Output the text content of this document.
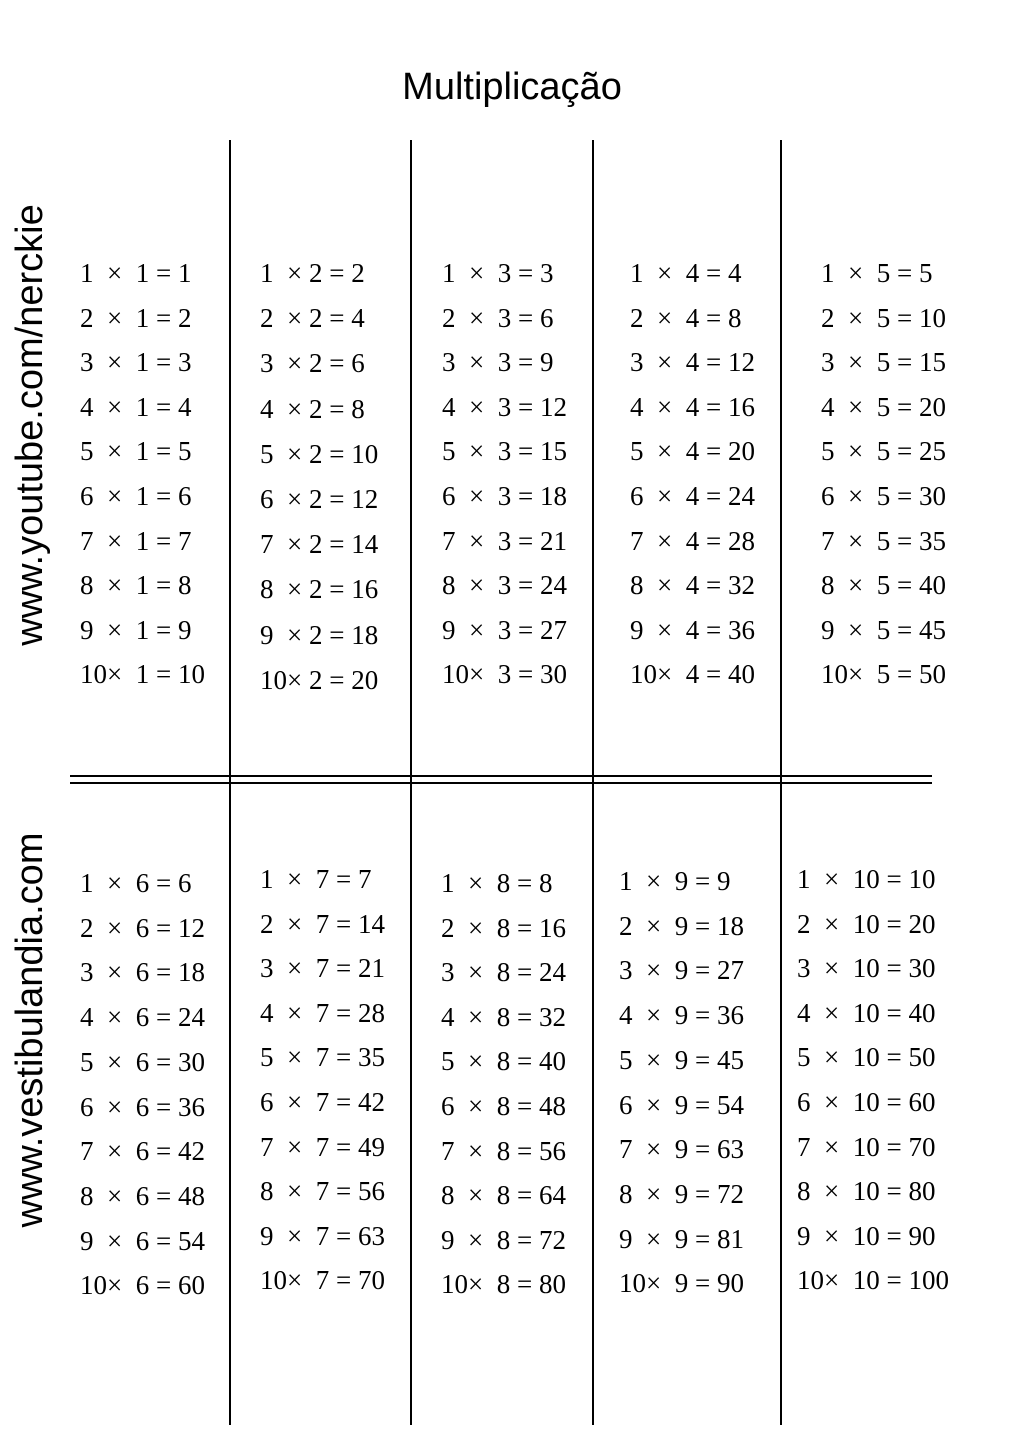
Multiplicação
www.youtube.com/nerckie
www.vestibulandia.com

1  ×  1 = 1

2  ×  1 = 2

3  ×  1 = 3

4  ×  1 = 4

5  ×  1 = 5

6  ×  1 = 6

7  ×  1 = 7

8  ×  1 = 8

9  ×  1 = 9

10×  1 = 10

1  × 2 = 2

2  × 2 = 4

3  × 2 = 6

4  × 2 = 8

5  × 2 = 10

6  × 2 = 12

7  × 2 = 14

8  × 2 = 16

9  × 2 = 18

10× 2 = 20

1  ×  3 = 3

2  ×  3 = 6

3  ×  3 = 9

4  ×  3 = 12

5  ×  3 = 15

6  ×  3 = 18

7  ×  3 = 21

8  ×  3 = 24

9  ×  3 = 27

10×  3 = 30

1  ×  4 = 4

2  ×  4 = 8

3  ×  4 = 12

4  ×  4 = 16

5  ×  4 = 20

6  ×  4 = 24

7  ×  4 = 28

8  ×  4 = 32

9  ×  4 = 36

10×  4 = 40

1  ×  5 = 5

2  ×  5 = 10

3  ×  5 = 15

4  ×  5 = 20

5  ×  5 = 25

6  ×  5 = 30

7  ×  5 = 35

8  ×  5 = 40

9  ×  5 = 45

10×  5 = 50

1  ×  6 = 6

2  ×  6 = 12

3  ×  6 = 18

4  ×  6 = 24

5  ×  6 = 30

6  ×  6 = 36

7  ×  6 = 42

8  ×  6 = 48

9  ×  6 = 54

10×  6 = 60

1  ×  7 = 7

2  ×  7 = 14

3  ×  7 = 21

4  ×  7 = 28

5  ×  7 = 35

6  ×  7 = 42

7  ×  7 = 49

8  ×  7 = 56

9  ×  7 = 63

10×  7 = 70

1  ×  8 = 8

2  ×  8 = 16

3  ×  8 = 24

4  ×  8 = 32

5  ×  8 = 40

6  ×  8 = 48

7  ×  8 = 56

8  ×  8 = 64

9  ×  8 = 72

10×  8 = 80

1  ×  9 = 9

2  ×  9 = 18

3  ×  9 = 27

4  ×  9 = 36

5  ×  9 = 45

6  ×  9 = 54

7  ×  9 = 63

8  ×  9 = 72

9  ×  9 = 81

10×  9 = 90

1  ×  10 = 10

2  ×  10 = 20

3  ×  10 = 30

4  ×  10 = 40

5  ×  10 = 50

6  ×  10 = 60

7  ×  10 = 70

8  ×  10 = 80

9  ×  10 = 90

10×  10 = 100
